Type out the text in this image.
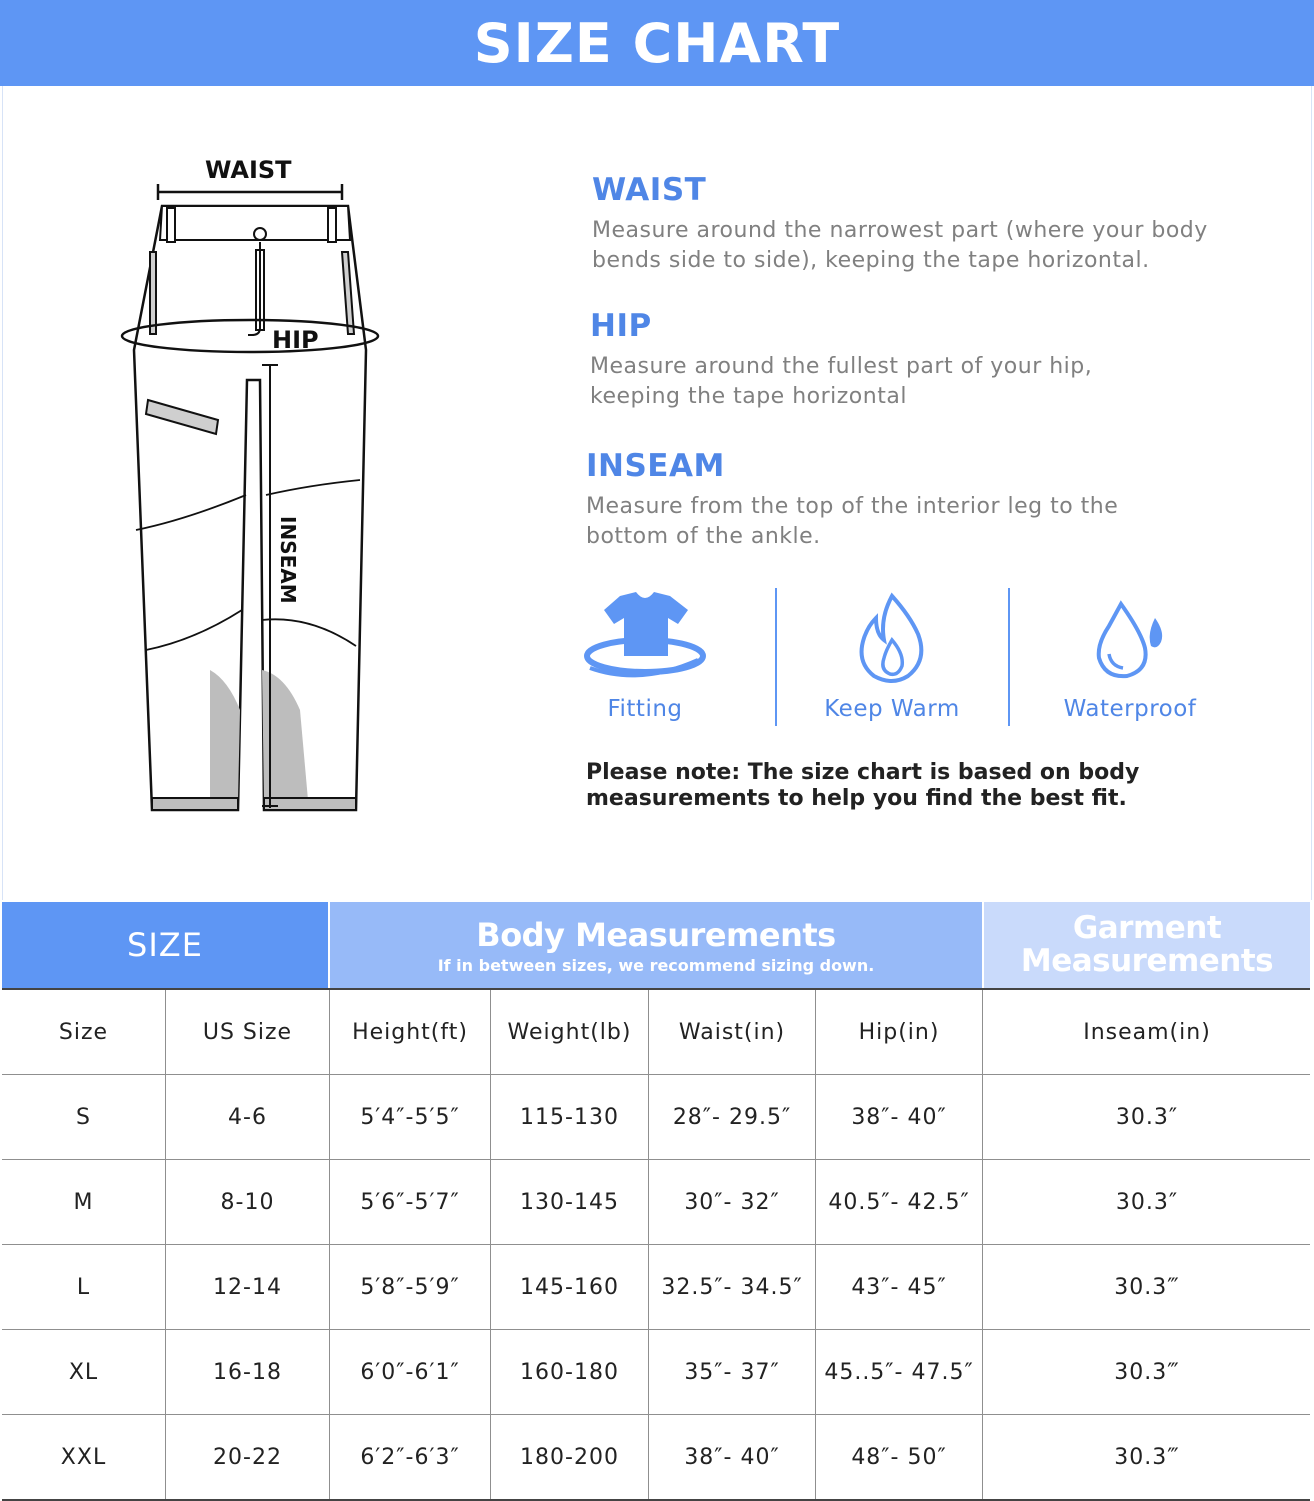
SIZE CHART
WAIST
HIP
INSEAM
WAIST

Measure around the narrowest part (where your body bends side to side), keeping the tape horizontal.

HIP

Measure around the fullest part of your hip, keeping the tape horizontal

INSEAM

Measure from the top of the interior leg to the bottom of the ankle.

Fitting	Keep Warm	Waterproof
Please note: The size chart is based on body measurements to help you find the best fit.
SIZE	Body Measurements
If in between sizes, we recommend sizing down.
Garment Measurements
Size	US Size	Height(ft)	Weight(lb)	Waist(in)	Hip(in)	Inseam(in)
S	4-6	5′4″-5′5″	115-130	28″- 29.5″	38″- 40″	30.3″
M	8-10	5′6″-5′7″	130-145	30″- 32″	40.5″- 42.5″	30.3″
L	12-14	5′8″-5′9″	145-160	32.5″- 34.5″	43″- 45″	30.3‴
XL	16-18	6′0″-6′1″	160-180	35″- 37″	45..5″- 47.5″	30.3‴
XXL	20-22	6′2″-6′3″	180-200	38″- 40″	48″- 50″	30.3‴
